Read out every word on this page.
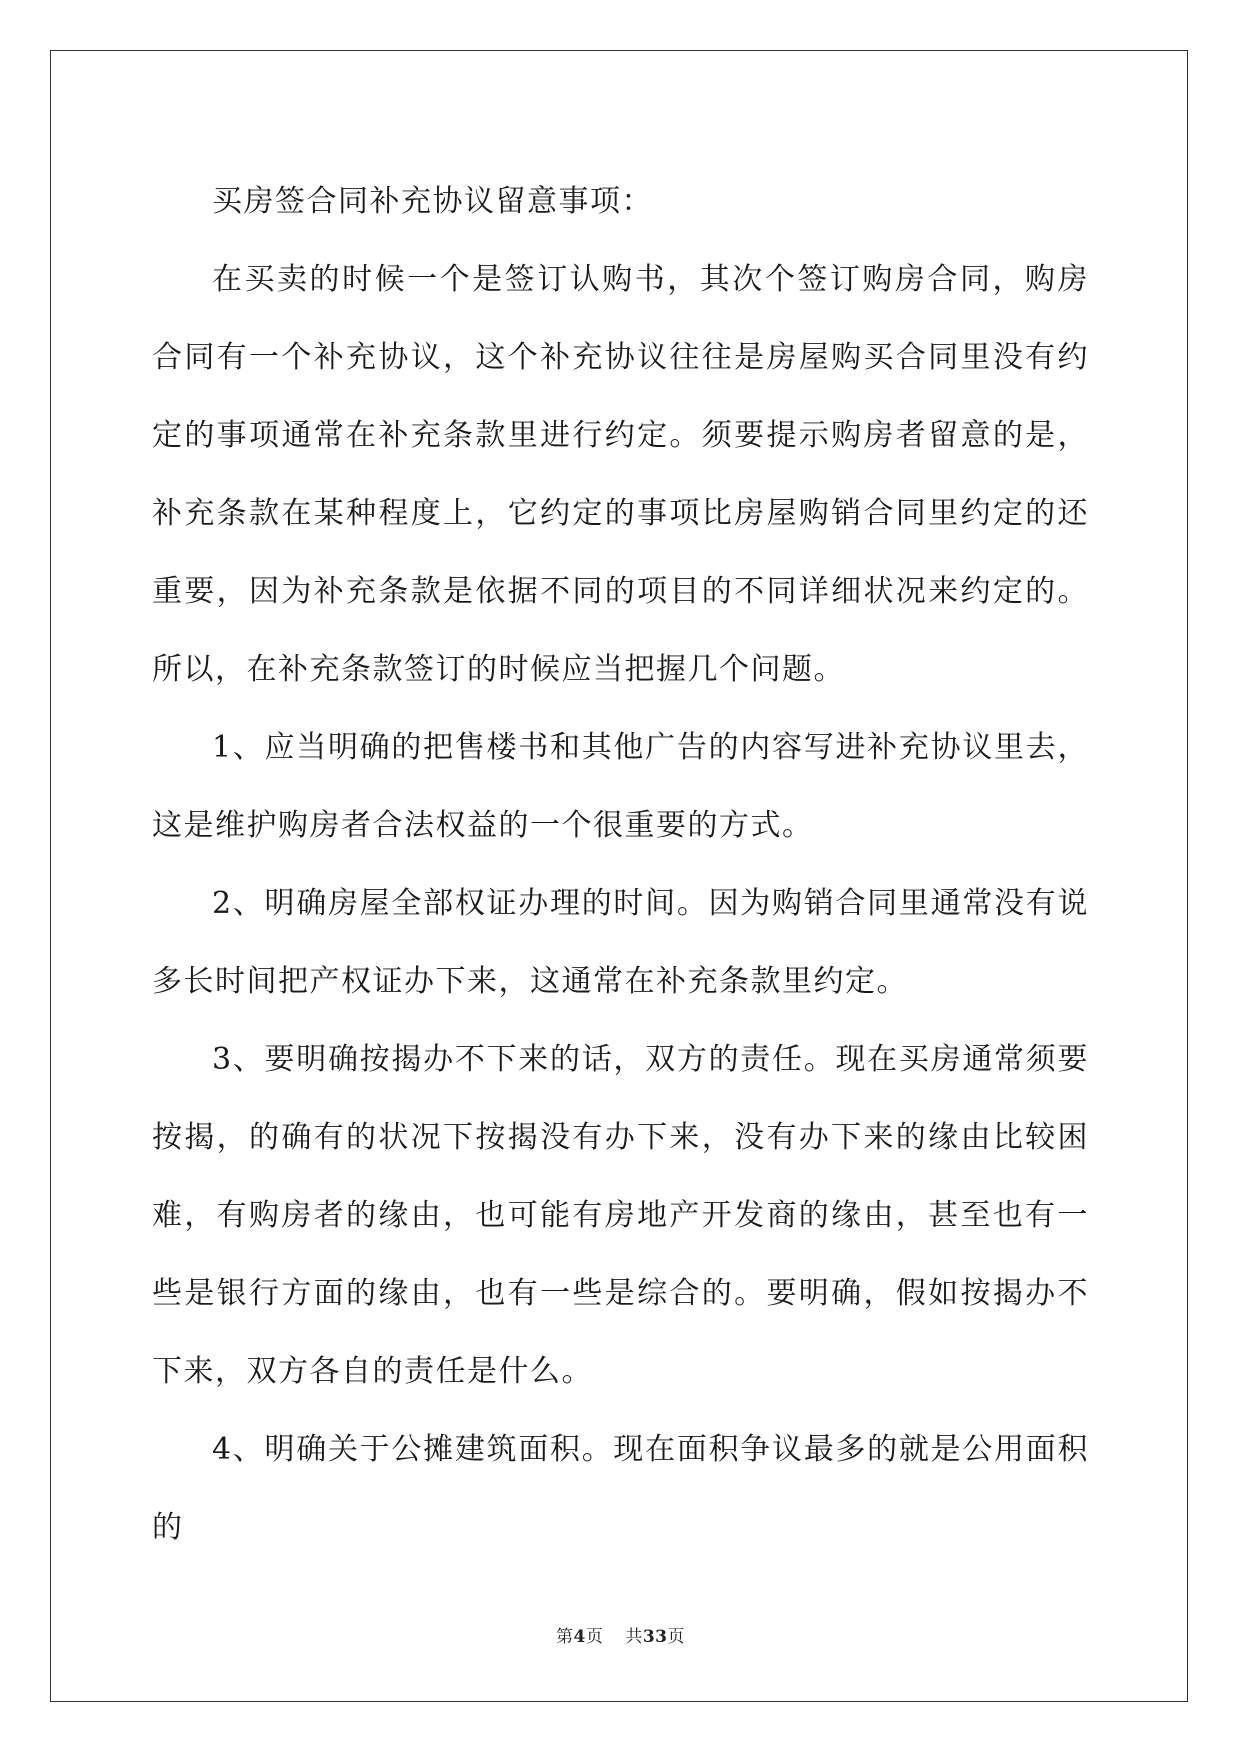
买房签合同补充协议留意事项：

在买卖的时候一个是签订认购书，其次个签订购房合同，购房合同有一个补充协议，这个补充协议往往是房屋购买合同里没有约定的事项通常在补充条款里进行约定。须要提示购房者留意的是，补充条款在某种程度上，它约定的事项比房屋购销合同里约定的还重要，因为补充条款是依据不同的项目的不同详细状况来约定的。所以，在补充条款签订的时候应当把握几个问题。

1、应当明确的把售楼书和其他广告的内容写进补充协议里去，这是维护购房者合法权益的一个很重要的方式。

2、明确房屋全部权证办理的时间。因为购销合同里通常没有说多长时间把产权证办下来，这通常在补充条款里约定。

3、要明确按揭办不下来的话，双方的责任。现在买房通常须要按揭，的确有的状况下按揭没有办下来，没有办下来的缘由比较困难，有购房者的缘由，也可能有房地产开发商的缘由，甚至也有一些是银行方面的缘由，也有一些是综合的。要明确，假如按揭办不下来，双方各自的责任是什么。

4、明确关于公摊建筑面积。现在面积争议最多的就是公用面积的

第4页 共33页
